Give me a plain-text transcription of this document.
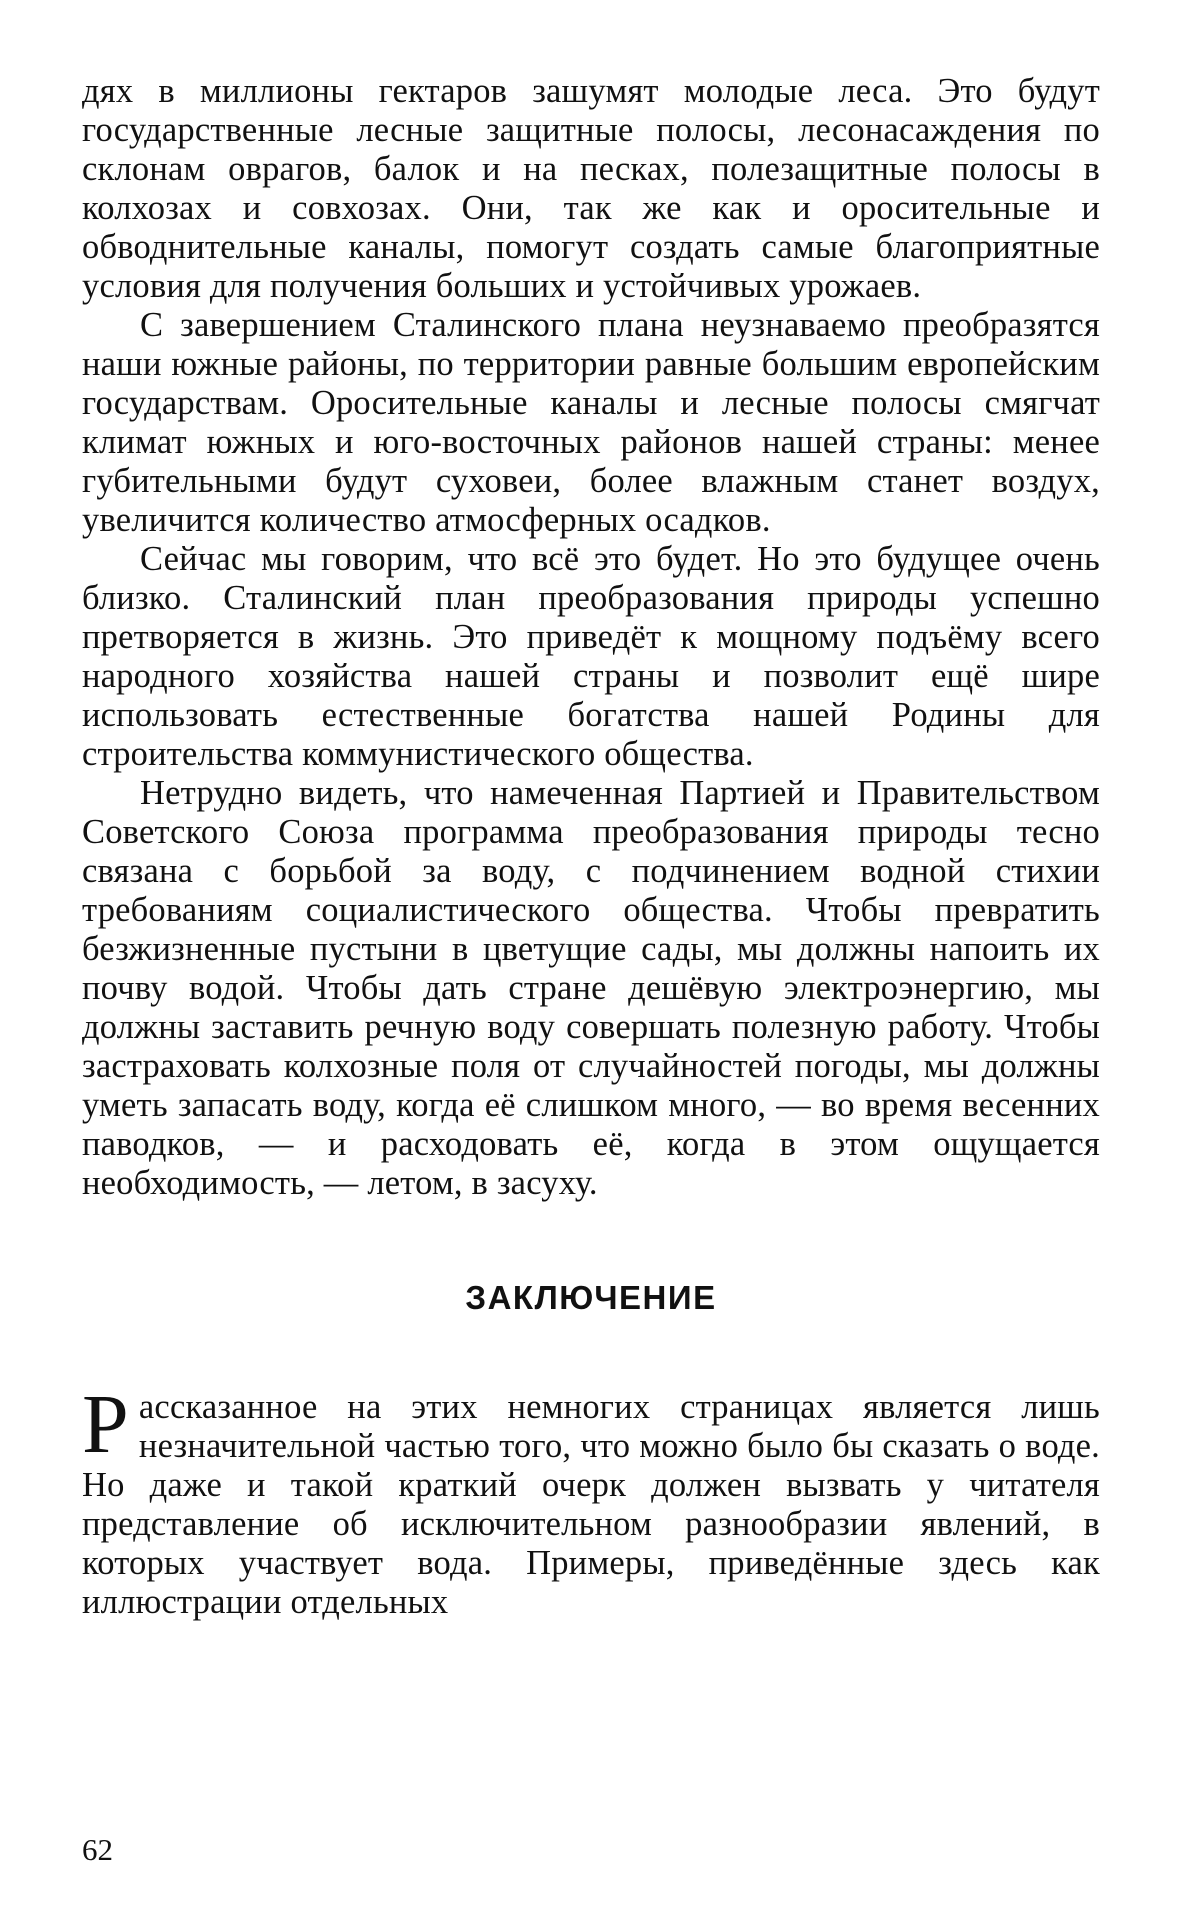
дях в миллионы гектаров зашумят молодые леса. Это будут государственные лесные защитные полосы, лесонасаждения по склонам оврагов, балок и на песках, полезащитные полосы в колхозах и совхозах. Они, так же как и оросительные и обводнительные каналы, помогут создать самые благоприятные условия для получения больших и устойчивых урожаев.

С завершением Сталинского плана неузнаваемо преобразятся наши южные районы, по территории равные большим европейским государствам. Оросительные каналы и лесные полосы смягчат климат южных и юго-восточных районов нашей страны: менее губительными будут суховеи, более влажным станет воздух, увеличится количество атмосферных осадков.

Сейчас мы говорим, что всё это будет. Но это будущее очень близко. Сталинский план преобразования природы успешно претворяется в жизнь. Это приведёт к мощному подъёму всего народного хозяйства нашей страны и позволит ещё шире использовать естественные богатства нашей Родины для строительства коммунистического общества.

Нетрудно видеть, что намеченная Партией и Правительством Советского Союза программа преобразования природы тесно связана с борьбой за воду, с подчинением водной стихии требованиям социалистического общества. Чтобы превратить безжизненные пустыни в цветущие сады, мы должны напоить их почву водой. Чтобы дать стране дешёвую электроэнергию, мы должны заставить речную воду совершать полезную работу. Чтобы застраховать колхозные поля от случайностей погоды, мы должны уметь запасать воду, когда её слишком много, — во время весенних паводков, — и расходовать её, когда в этом ощущается необходимость, — летом, в засуху.

ЗАКЛЮЧЕНИЕ

Рассказанное на этих немногих страницах является лишь незначительной частью того, что можно было бы сказать о воде. Но даже и такой краткий очерк должен вызвать у читателя представление об исключительном разнообразии явлений, в которых участвует вода. Примеры, приведённые здесь как иллюстрации отдельных

62
